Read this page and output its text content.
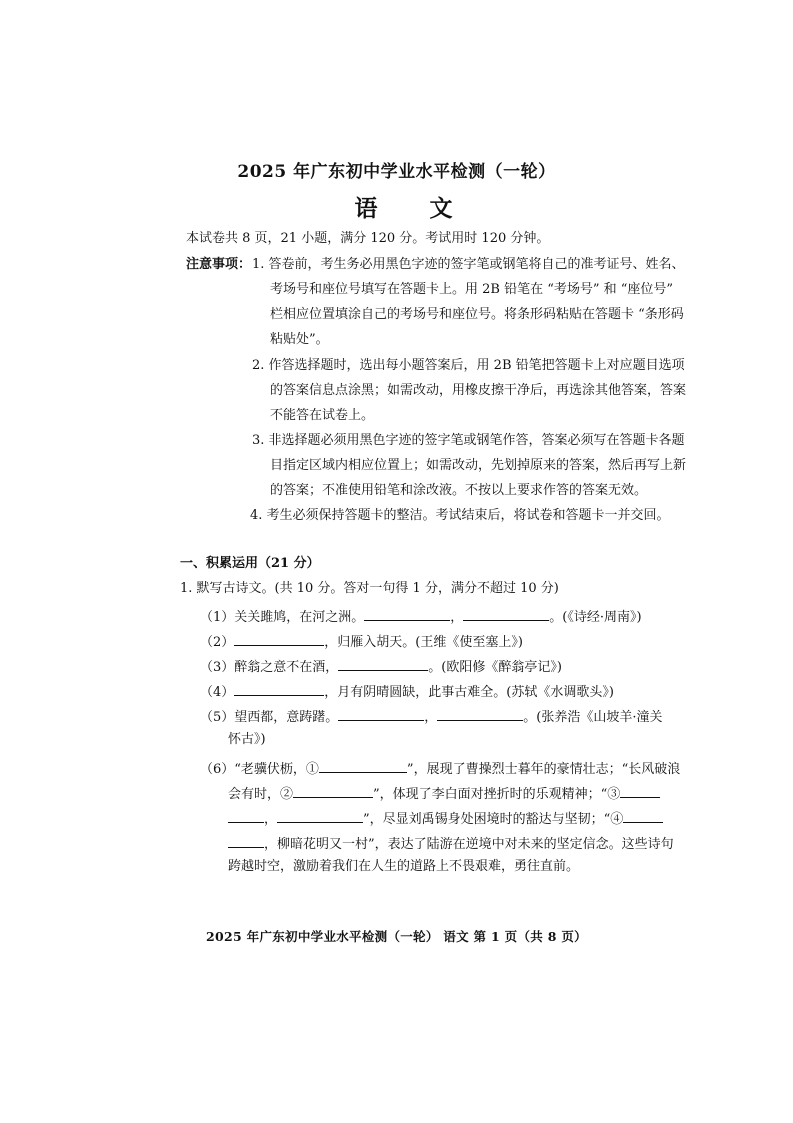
2025 年广东初中学业水平检测（一轮）
语 文
本试卷共 8 页，21 小题，满分 120 分。考试用时 120 分钟。
注意事项： 1. 答卷前，考生务必用黑色字迹的签字笔或钢笔将自己的准考证号、姓名、
考场号和座位号填写在答题卡上。用 2B 铅笔在 “考场号” 和 “座位号”
栏相应位置填涂自己的考场号和座位号。将条形码粘贴在答题卡 “条形码
粘贴处”。
2. 作答选择题时，选出每小题答案后，用 2B 铅笔把答题卡上对应题目选项
的答案信息点涂黑；如需改动，用橡皮擦干净后，再选涂其他答案，答案
不能答在试卷上。
3. 非选择题必须用黑色字迹的签字笔或钢笔作答，答案必须写在答题卡各题
目指定区域内相应位置上；如需改动，先划掉原来的答案，然后再写上新
的答案；不准使用铅笔和涂改液。不按以上要求作答的答案无效。
4. 考生必须保持答题卡的整洁。考试结束后，将试卷和答题卡一并交回。
一、积累运用（21 分）
1. 默写古诗文。(共 10 分。答对一句得 1 分，满分不超过 10 分)
（1）关关雎鸠，在河之洲。	，	。(《诗经·周南》)
（2）	，归雁入胡天。(王维《使至塞上》)
（3）醉翁之意不在酒，	。(欧阳修《醉翁亭记》)
（4）	，月有阴晴圆缺，此事古难全。(苏轼《水调歌头》)
（5）望西都，意踌躇。	，	。(张养浩《山坡羊·潼关
怀古》)
（6）“老骥伏枥，①	”，展现了曹操烈士暮年的豪情壮志；“长风破浪
会有时，②	”，体现了李白面对挫折时的乐观精神；“③
，	”，尽显刘禹锡身处困境时的豁达与坚韧；“④
，柳暗花明又一村”，表达了陆游在逆境中对未来的坚定信念。这些诗句
跨越时空，激励着我们在人生的道路上不畏艰难，勇往直前。
2025 年广东初中学业水平检测（一轮） 语文 第 1 页（共 8 页）
